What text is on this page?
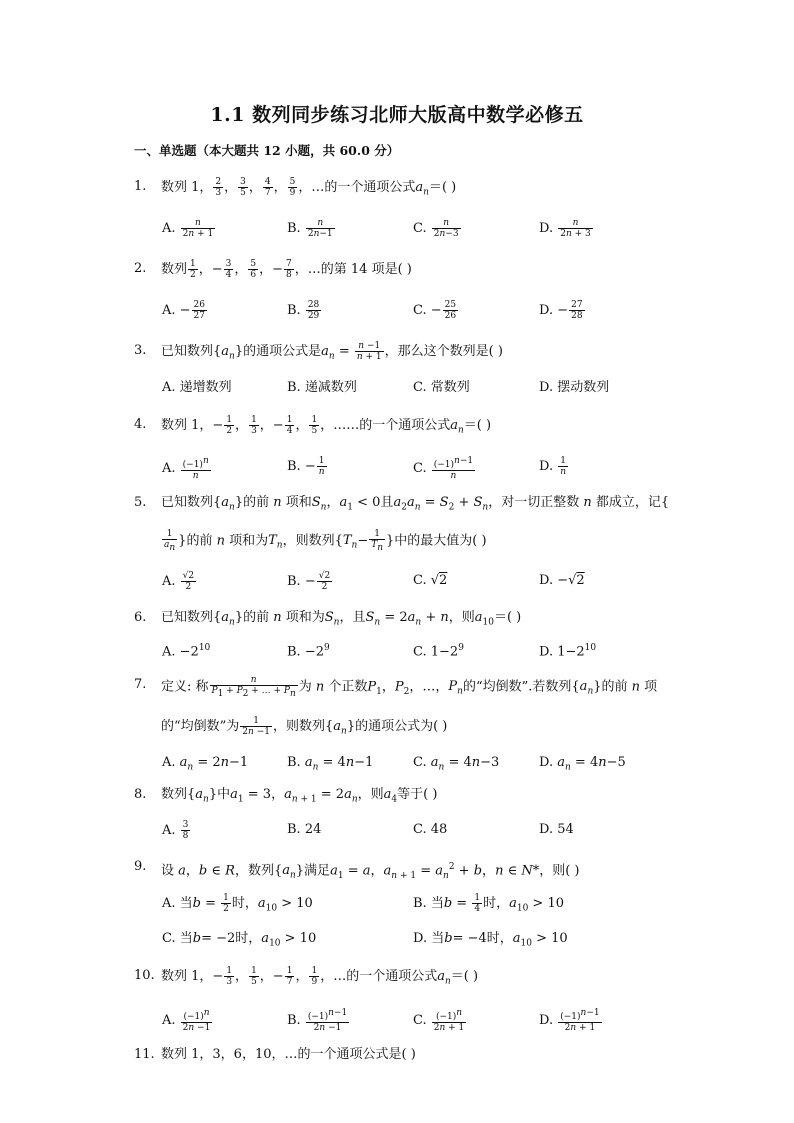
1.1 数列同步练习北师大版高中数学必修五
一、单选题（本大题共 12 小题，共 60.0 分）
1. 数列 1， $\frac{2}{3}$ ， $\frac{3}{5}$ ， $\frac{4}{7}$ ， $\frac{5}{9}$ ，…的一个通项公式$a_n=$( )
A. $\frac{n}{2n + 1}$	B. $\frac{n}{2n-1}$	C. $\frac{n}{2n-3}$	D. $\frac{n}{2n + 3}$
2. 数列 $\frac{1}{2}$ ，− $\frac{3}{4}$ ， $\frac{5}{6}$ ，− $\frac{7}{8}$ ，…的第 14 项是( )
A. − $\frac{26}{27}$	B. $\frac{28}{29}$	C. − $\frac{25}{26}$	D. − $\frac{27}{28}$
3. 已知数列$\{a_n\}$的通项公式是$a_n = \frac{n -1}{n + 1}$ ，那么这个数列是( )
A. 递增数列	B. 递减数列	C. 常数列	D. 摆动数列
4. 数列 1，− $\frac{1}{2}$ ， $\frac{1}{3}$ ，− $\frac{1}{4}$ ， $\frac{1}{5}$ ，……的一个通项公式$a_n=$( )
A. $\frac{(-1)^n}{n}$	B. − $\frac{1}{n}$	C. $\frac{(-1)^{n-1}}{n}$	D. $\frac{1}{n}$
5. 已知数列$\{a_n\}$的前 n 项和$S_n$，$a_1 < 0$且$a_2a_n = S_2 + S_n$，对一切正整数 n 都成立，记{
$\frac{1}{a_n}$ }的前 n 项和为$T_n$，则数列{$T_n- \frac{1}{T_n}$ }中的最大值为( )
A. $\frac{√2}{2}$	B. − $\frac{√2}{2}$	C. √2	D. −√2
6. 已知数列$\{a_n\}$的前 n 项和为$S_n$，且$S_n = 2a_n + n$，则$a_{10}=$( )
A. $-2^{10}$	B. $-2^9$	C. $1-2^9$	D. $1-2^{10}$
7. 定义: 称 $\frac{n}{P_1 + P_2 + \dots + P_n}$ 为 n 个正数$P_1$，$P_2$，…，$P_n$的“均倒数”.若数列$\{a_n\}$的前 n 项
的“均倒数”为 $\frac{1}{2n -1}$ ，则数列$\{a_n\}$的通项公式为( )
A. $a_n = 2n-1$	B. $a_n = 4n-1$	C. $a_n = 4n-3$	D. $a_n = 4n-5$
8. 数列$\{a_n\}$中$a_1 = 3$，$a_{n + 1} = 2a_n$，则$a_4$等于( )
A. $\frac{3}{8}$	B. 24	C. 48	D. 54
9. 设 a，b ∈ R，数列$\{a_n\}$满足$a_1 = a$，$a_{n + 1} = a_n^2 + b$，n ∈ N*，则( )
A. 当$b = \frac{1}{2}$ 时，$a_{10} > 10$	B. 当$b = \frac{1}{4}$ 时，$a_{10} > 10$
C. 当b= −2时，$a_{10} > 10$	D. 当b= −4时，$a_{10} > 10$
10. 数列 1，− $\frac{1}{3}$ ， $\frac{1}{5}$ ，− $\frac{1}{7}$ ， $\frac{1}{9}$ ，…的一个通项公式$a_n=$( )
A. $\frac{(-1)^n}{2n -1}$	B. $\frac{(-1)^{n-1}}{2n -1}$	C. $\frac{(-1)^n}{2n + 1}$	D. $\frac{(-1)^{n-1}}{2n + 1}$
11. 数列 1，3，6，10，…的一个通项公式是( )
